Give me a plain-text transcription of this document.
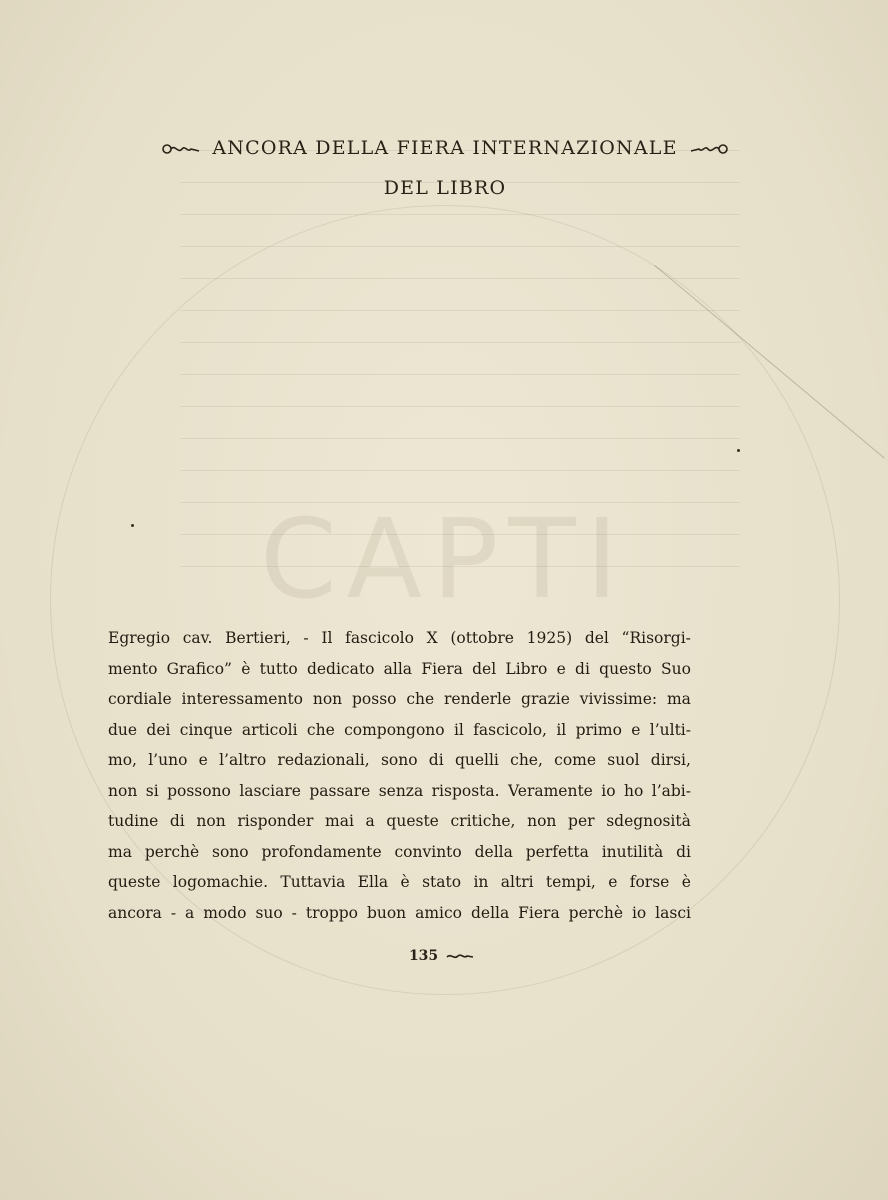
CAPTI
ANCORA DELLA FIERA INTERNAZIONALE
DEL LIBRO
Egregio cav. Bertieri, - Il fascicolo X (ottobre 1925) del “Risorgi-
mento Grafico” è tutto dedicato alla Fiera del Libro e di questo Suo
cordiale interessamento non posso che renderle grazie vivissime: ma
due dei cinque articoli che compongono il fascicolo, il primo e l’ulti-
mo, l’uno e l’altro redazionali, sono di quelli che, come suol dirsi,
non si possono lasciare passare senza risposta. Veramente io ho l’abi-
tudine di non risponder mai a queste critiche, non per sdegnosità
ma perchè sono profondamente convinto della perfetta inutilità di
queste logomachie. Tuttavia Ella è stato in altri tempi, e forse è
ancora - a modo suo - troppo buon amico della Fiera perchè io lasci
135
